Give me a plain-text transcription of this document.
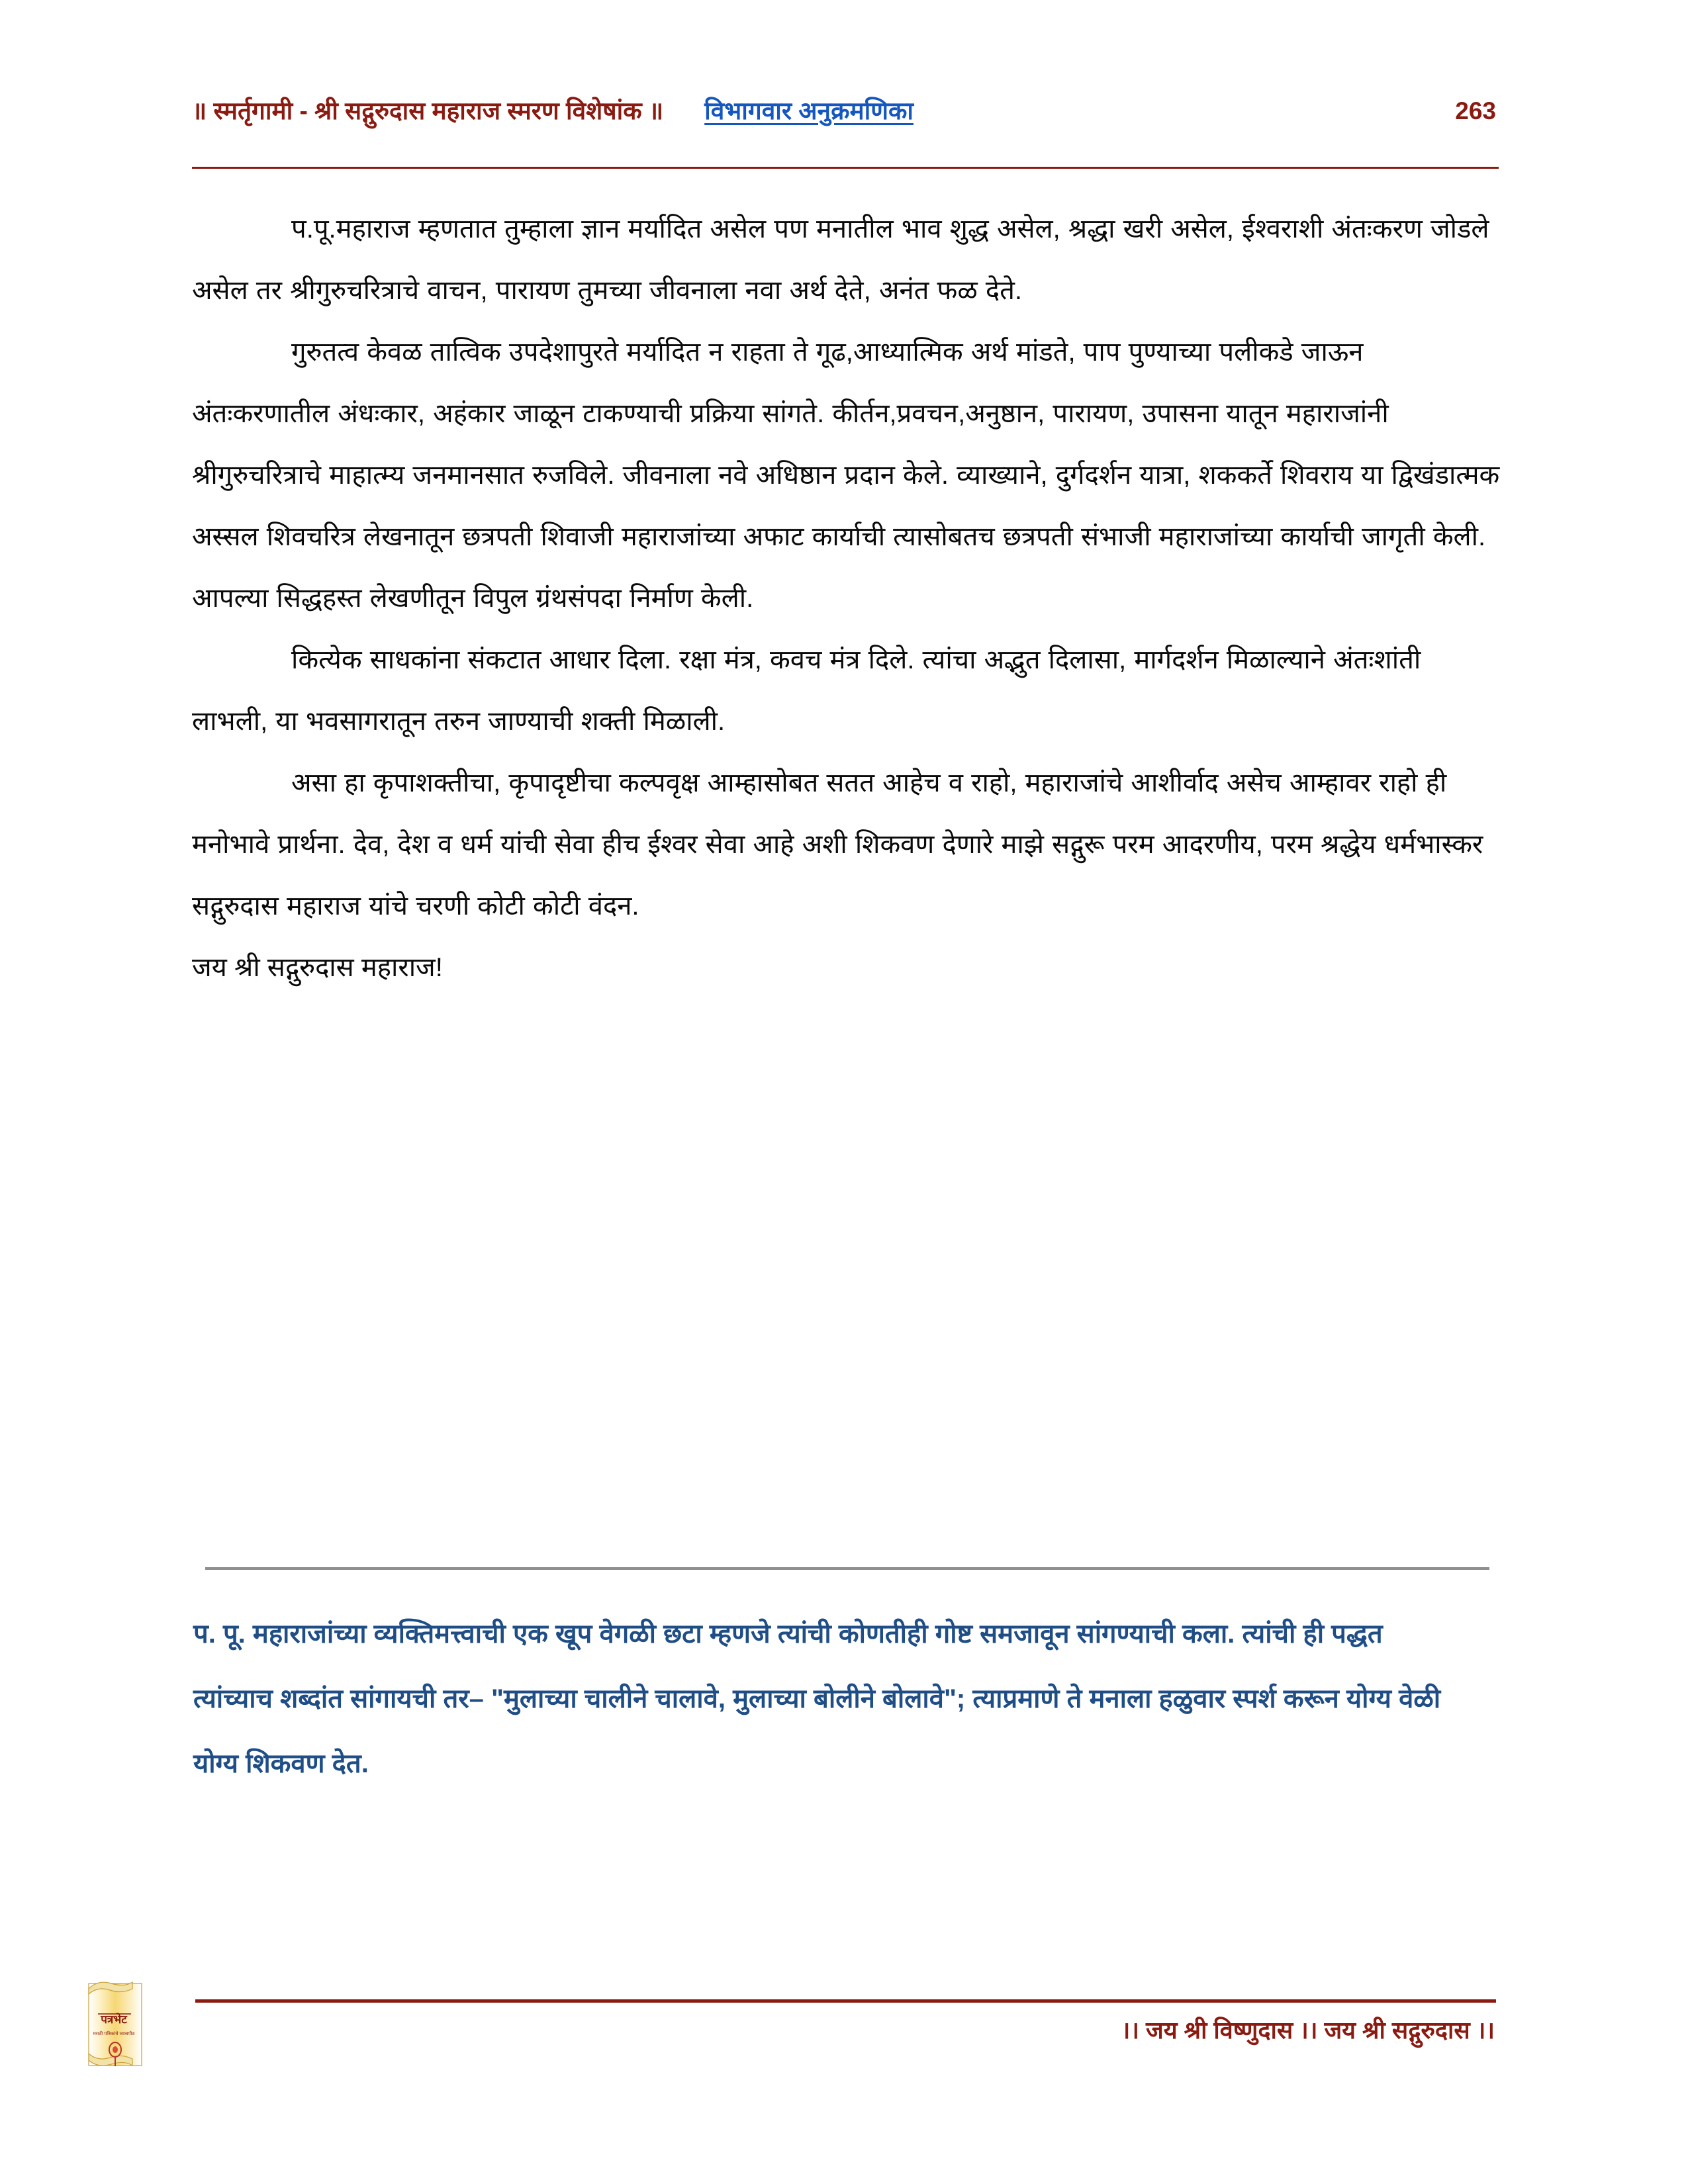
॥ स्मर्तृगामी - श्री सद्गुरुदास महाराज स्मरण विशेषांक ॥ विभागवार अनुक्रमणिका	263

प.पू.महाराज म्हणतात तुम्हाला ज्ञान मर्यादित असेल पण मनातील भाव शुद्ध असेल, श्रद्धा खरी असेल, ईश्वराशी अंतःकरण जोडले असेल तर श्रीगुरुचरित्राचे वाचन, पारायण तुमच्या जीवनाला नवा अर्थ देते, अनंत फळ देते.

गुरुतत्व केवळ तात्विक उपदेशापुरते मर्यादित न राहता ते गूढ,आध्यात्मिक अर्थ मांडते, पाप पुण्याच्या पलीकडे जाऊन अंतःकरणातील अंधःकार, अहंकार जाळून टाकण्याची प्रक्रिया सांगते. कीर्तन,प्रवचन,अनुष्ठान, पारायण, उपासना यातून महाराजांनी श्रीगुरुचरित्राचे माहात्म्य जनमानसात रुजविले. जीवनाला नवे अधिष्ठान प्रदान केले. व्याख्याने, दुर्गदर्शन यात्रा, शककर्ते शिवराय या द्विखंडात्मक अस्सल शिवचरित्र लेखनातून छत्रपती शिवाजी महाराजांच्या अफाट कार्याची त्यासोबतच छत्रपती संभाजी महाराजांच्या कार्याची जागृती केली. आपल्या सिद्धहस्त लेखणीतून विपुल ग्रंथसंपदा निर्माण केली.

कित्येक साधकांना संकटात आधार दिला. रक्षा मंत्र, कवच मंत्र दिले. त्यांचा अद्भुत दिलासा, मार्गदर्शन मिळाल्याने अंतःशांती लाभली, या भवसागरातून तरुन जाण्याची शक्ती मिळाली.

असा हा कृपाशक्तीचा, कृपादृष्टीचा कल्पवृक्ष आम्हासोबत सतत आहेच व राहो, महाराजांचे आशीर्वाद असेच आम्हावर राहो ही मनोभावे प्रार्थना. देव, देश व धर्म यांची सेवा हीच ईश्वर सेवा आहे अशी शिकवण देणारे माझे सद्गुरू परम आदरणीय, परम श्रद्धेय धर्मभास्कर सद्गुरुदास महाराज यांचे चरणी कोटी कोटी वंदन.

जय श्री सद्गुरुदास महाराज!

प. पू. महाराजांच्या व्यक्तिमत्त्वाची एक खूप वेगळी छटा म्हणजे त्यांची कोणतीही गोष्ट समजावून सांगण्याची कला. त्यांची ही पद्धत त्यांच्याच शब्दांत सांगायची तर– "मुलाच्या चालीने चालावे, मुलाच्या बोलीने बोलावे"; त्याप्रमाणे ते मनाला हळुवार स्पर्श करून योग्य वेळी योग्य शिकवण देत.

।। जय श्री विष्णुदास ।। जय श्री सद्गुरुदास ।।
पत्रभेट
मराठी पत्रिकांचे व्यासपीठ
